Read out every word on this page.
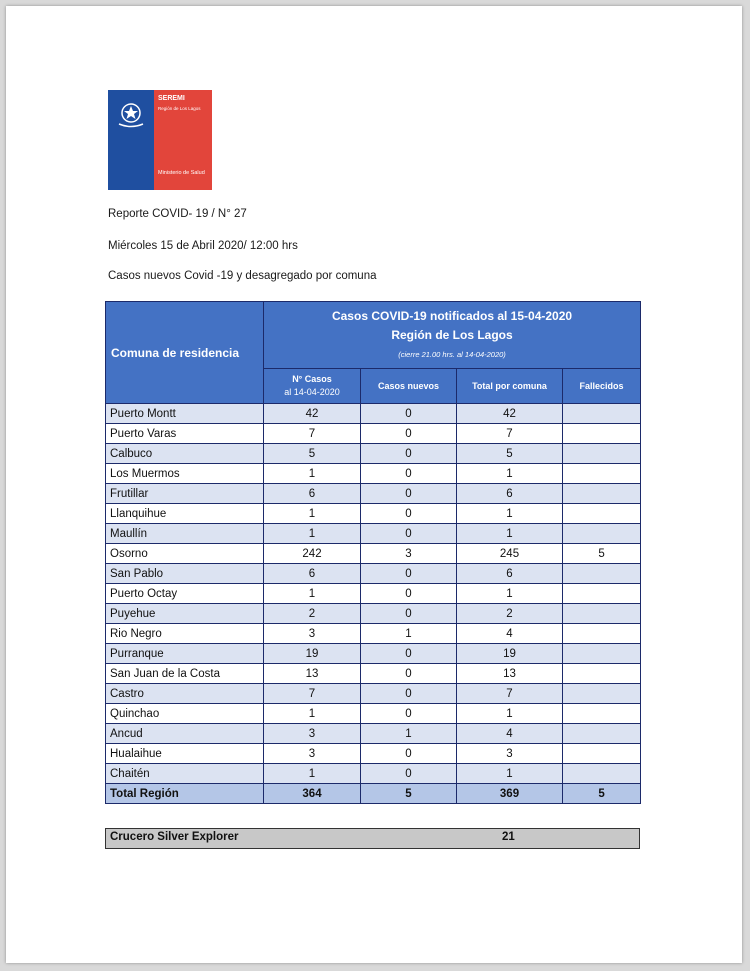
SEREMI
Región de Los Lagos
Ministerio de Salud
Reporte COVID- 19 / N° 27
Miércoles 15 de Abril 2020/ 12:00 hrs
Casos nuevos Covid -19 y desagregado por comuna
Comuna de residencia	Casos COVID-19 notificados al 15-04-2020
Región de Los Lagos
(cierre 21.00 hrs. al 14-04-2020)			

	N° Casos
al 14-04-2020	Casos nuevos	Total por comuna	Fallecidos
Puerto Montt	42	0	42	
Puerto Varas	7	0	7	
Calbuco	5	0	5	
Los Muermos	1	0	1	
Frutillar	6	0	6	
Llanquihue	1	0	1	
Maullín	1	0	1	
Osorno	242	3	245	5
San Pablo	6	0	6	
Puerto Octay	1	0	1	
Puyehue	2	0	2	
Rio Negro	3	1	4	
Purranque	19	0	19	
San Juan de la Costa	13	0	13	
Castro	7	0	7	
Quinchao	1	0	1	
Ancud	3	1	4	
Hualaihue	3	0	3	
Chaitén	1	0	1	
Total Región	364	5	369	5
Crucero Silver Explorer	21
